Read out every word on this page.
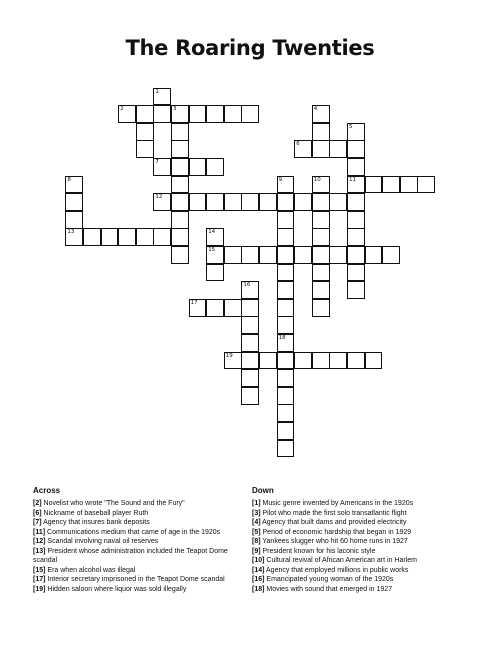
The Roaring Twenties
1
2	3	4
5
6
7
8	9	10	11
12
13	14
15
16
17
18
19
Across
[2] Novelist who wrote "The Sound and the Fury"
[6] Nickname of baseball player Ruth
[7] Agency that insures bank deposits
[11] Communications medium that came of age in the 1920s
[12] Scandal involving naval oil reserves
[13] President whose administration included the Teapot Dome scandal
[15] Era when alcohol was illegal
[17] Interior secretary imprisoned in the Teapot Dome scandal
[19] Hidden saloon where liquor was sold illegally
Down
[1] Music genre invented by Americans in the 1920s
[3] Pilot who made the first solo transatlantic flight
[4] Agency that built dams and provided electricity
[5] Period of economic hardship that began in 1929
[8] Yankees slugger who hit 60 home runs in 1927
[9] President known for his laconic style
[10] Cultural revival of African American art in Harlem
[14] Agency that employed millions in public works
[16] Emancipated young woman of the 1920s
[18] Movies with sound that emerged in 1927
